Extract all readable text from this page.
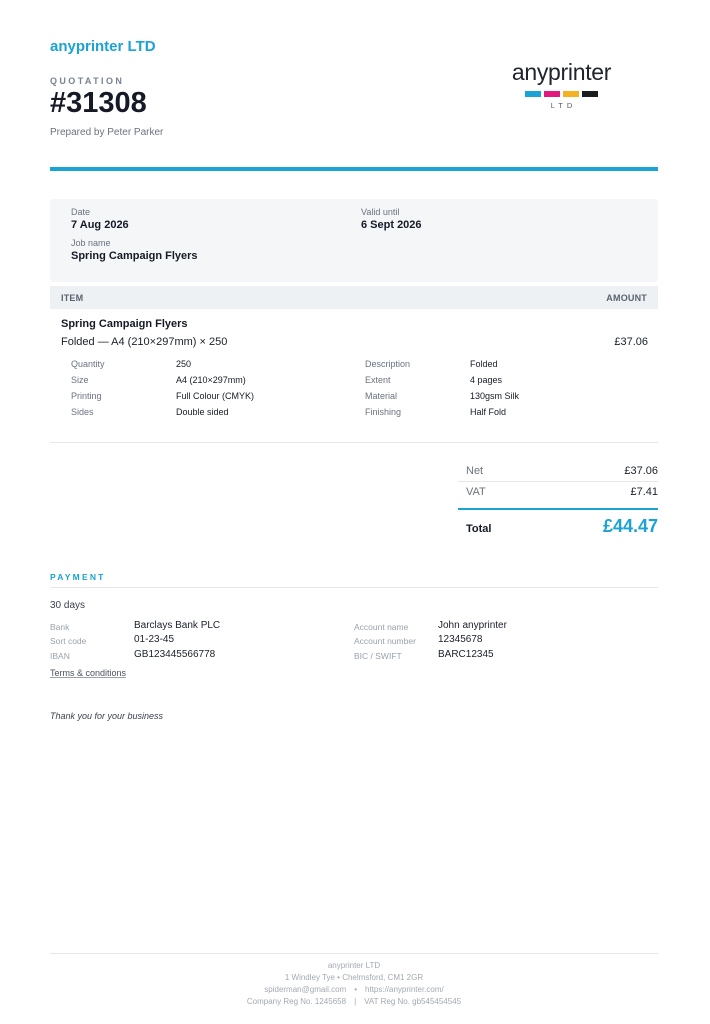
anyprinter LTD
QUOTATION
#31308
Prepared by Peter Parker
anyprinter
LTD
Date
7 Aug 2026
Valid until
6 Sept 2026
Job name
Spring Campaign Flyers
ITEM	AMOUNT
Spring Campaign Flyers
Folded — A4 (210×297mm) × 250	£37.06
Quantity	250
Size	A4 (210×297mm)
Printing	Full Colour (CMYK)
Sides	Double sided
Description	Folded
Extent	4 pages
Material	130gsm Silk
Finishing	Half Fold
Net	£37.06
VAT	£7.41
Total	£44.47
PAYMENT
30 days
Bank	Barclays Bank PLC
Sort code	01-23-45
IBAN	GB123445566778
Account name	John anyprinter
Account number 12345678
BIC / SWIFT	BARC12345
Terms & conditions
Thank you for your business
anyprinter LTD
1 Windley Tye • Chelmsford, CM1 2GR
spiderman@gmail.com • https://anyprinter.com/
Company Reg No. 1245658 | VAT Reg No. gb545454545
